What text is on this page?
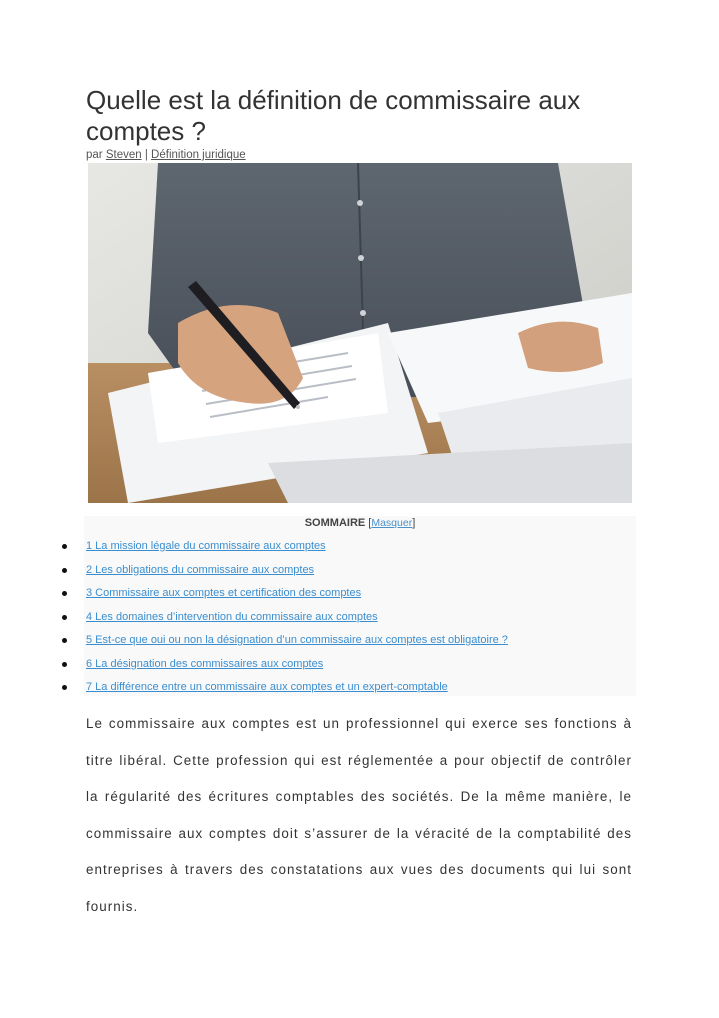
Quelle est la définition de commissaire aux comptes ?
par Steven | Définition juridique
SOMMAIRE [Masquer]
1 La mission légale du commissaire aux comptes
2 Les obligations du commissaire aux comptes
3 Commissaire aux comptes et certification des comptes
4 Les domaines d’intervention du commissaire aux comptes
5 Est-ce que oui ou non la désignation d’un commissaire aux comptes est obligatoire ?
6 La désignation des commissaires aux comptes
7 La différence entre un commissaire aux comptes et un expert-comptable

Le commissaire aux comptes est un professionnel qui exerce ses fonctions à titre libéral. Cette profession qui est réglementée a pour objectif de contrôler la régularité des écritures comptables des sociétés. De la même manière, le commissaire aux comptes doit s’assurer de la véracité de la comptabilité des entreprises à travers des constatations aux vues des documents qui lui sont fournis.
